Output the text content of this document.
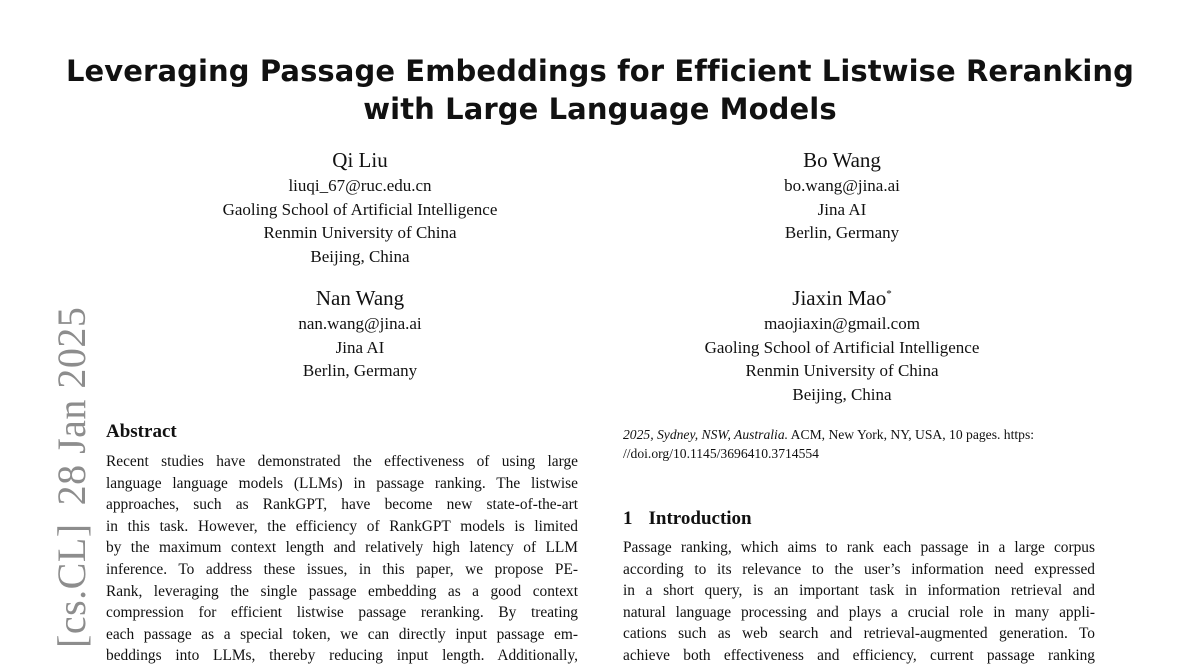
Leveraging Passage Embeddings for Efficient Listwise Reranking
with Large Language Models
Qi Liu
liuqi_67@ruc.edu.cn
Gaoling School of Artificial Intelligence
Renmin University of China
Beijing, China
Bo Wang
bo.wang@jina.ai
Jina AI
Berlin, Germany
Nan Wang
nan.wang@jina.ai
Jina AI
Berlin, Germany
Jiaxin Mao*
maojiaxin@gmail.com
Gaoling School of Artificial Intelligence
Renmin University of China
Beijing, China
[cs.CL]28 Jan 2025 Abstract
Recent studies have demonstrated the effectiveness of using large
language language models (LLMs) in passage ranking. The listwise
approaches, such as RankGPT, have become new state-of-the-art
in this task. However, the efficiency of RankGPT models is limited
by the maximum context length and relatively high latency of LLM
inference. To address these issues, in this paper, we propose PE-
Rank, leveraging the single passage embedding as a good context
compression for efficient listwise passage reranking. By treating
each passage as a special token, we can directly input passage em-
beddings into LLMs, thereby reducing input length. Additionally,
2025, Sydney, NSW, Australia. ACM, New York, NY, USA, 10 pages. https:
//doi.org/10.1145/3696410.3714554
1 Introduction
Passage ranking, which aims to rank each passage in a large corpus
according to its relevance to the user’s information need expressed
in a short query, is an important task in information retrieval and
natural language processing and plays a crucial role in many appli-
cations such as web search and retrieval-augmented generation. To
achieve both effectiveness and efficiency, current passage ranking
